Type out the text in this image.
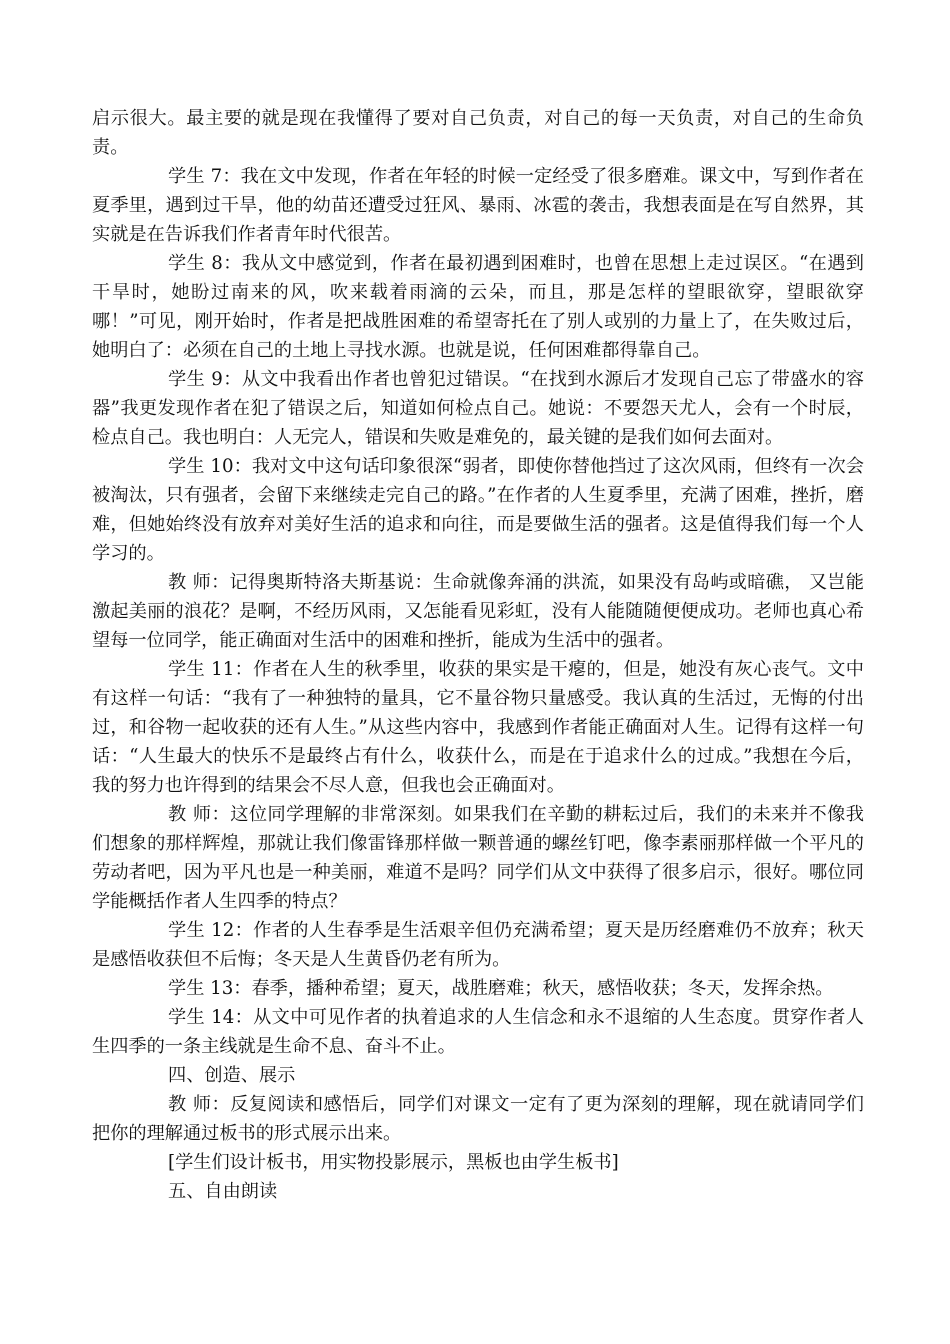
启示很大。最主要的就是现在我懂得了要对自己负责，对自己的每一天负责，对自己的生命负责。

学生 7：我在文中发现，作者在年轻的时候一定经受了很多磨难。课文中，写到作者在夏季里，遇到过干旱，他的幼苗还遭受过狂风、暴雨、冰雹的袭击，我想表面是在写自然界，其实就是在告诉我们作者青年时代很苦。

学生 8：我从文中感觉到，作者在最初遇到困难时，也曾在思想上走过误区。“在遇到干旱时，她盼过南来的风，吹来载着雨滴的云朵，而且，那是怎样的望眼欲穿，望眼欲穿哪！”可见，刚开始时，作者是把战胜困难的希望寄托在了别人或别的力量上了，在失败过后，她明白了：必须在自己的土地上寻找水源。也就是说，任何困难都得靠自己。

学生 9：从文中我看出作者也曾犯过错误。“在找到水源后才发现自己忘了带盛水的容器”我更发现作者在犯了错误之后，知道如何检点自己。她说：不要怨天尤人，会有一个时辰，检点自己。我也明白：人无完人，错误和失败是难免的，最关键的是我们如何去面对。

学生 10：我对文中这句话印象很深“弱者，即使你替他挡过了这次风雨，但终有一次会被淘汰，只有强者，会留下来继续走完自己的路。”在作者的人生夏季里，充满了困难，挫折，磨难，但她始终没有放弃对美好生活的追求和向往，而是要做生活的强者。这是值得我们每一个人学习的。

教 师：记得奥斯特洛夫斯基说：生命就像奔涌的洪流，如果没有岛屿或暗礁， 又岂能激起美丽的浪花？是啊，不经历风雨，又怎能看见彩虹，没有人能随随便便成功。老师也真心希望每一位同学，能正确面对生活中的困难和挫折，能成为生活中的强者。

学生 11：作者在人生的秋季里，收获的果实是干瘪的，但是，她没有灰心丧气。文中有这样一句话：“我有了一种独特的量具，它不量谷物只量感受。我认真的生活过，无悔的付出过，和谷物一起收获的还有人生。”从这些内容中，我感到作者能正确面对人生。记得有这样一句话：“人生最大的快乐不是最终占有什么，收获什么，而是在于追求什么的过成。”我想在今后，我的努力也许得到的结果会不尽人意，但我也会正确面对。

教 师：这位同学理解的非常深刻。如果我们在辛勤的耕耘过后，我们的未来并不像我们想象的那样辉煌，那就让我们像雷锋那样做一颗普通的螺丝钉吧，像李素丽那样做一个平凡的劳动者吧，因为平凡也是一种美丽，难道不是吗？同学们从文中获得了很多启示，很好。哪位同学能概括作者人生四季的特点？

学生 12：作者的人生春季是生活艰辛但仍充满希望；夏天是历经磨难仍不放弃；秋天是感悟收获但不后悔；冬天是人生黄昏仍老有所为。

学生 13：春季，播种希望；夏天，战胜磨难；秋天，感悟收获；冬天，发挥余热。

学生 14：从文中可见作者的执着追求的人生信念和永不退缩的人生态度。贯穿作者人生四季的一条主线就是生命不息、奋斗不止。

四、创造、展示

教 师：反复阅读和感悟后，同学们对课文一定有了更为深刻的理解，现在就请同学们把你的理解通过板书的形式展示出来。

[学生们设计板书，用实物投影展示，黑板也由学生板书]

五、自由朗读
